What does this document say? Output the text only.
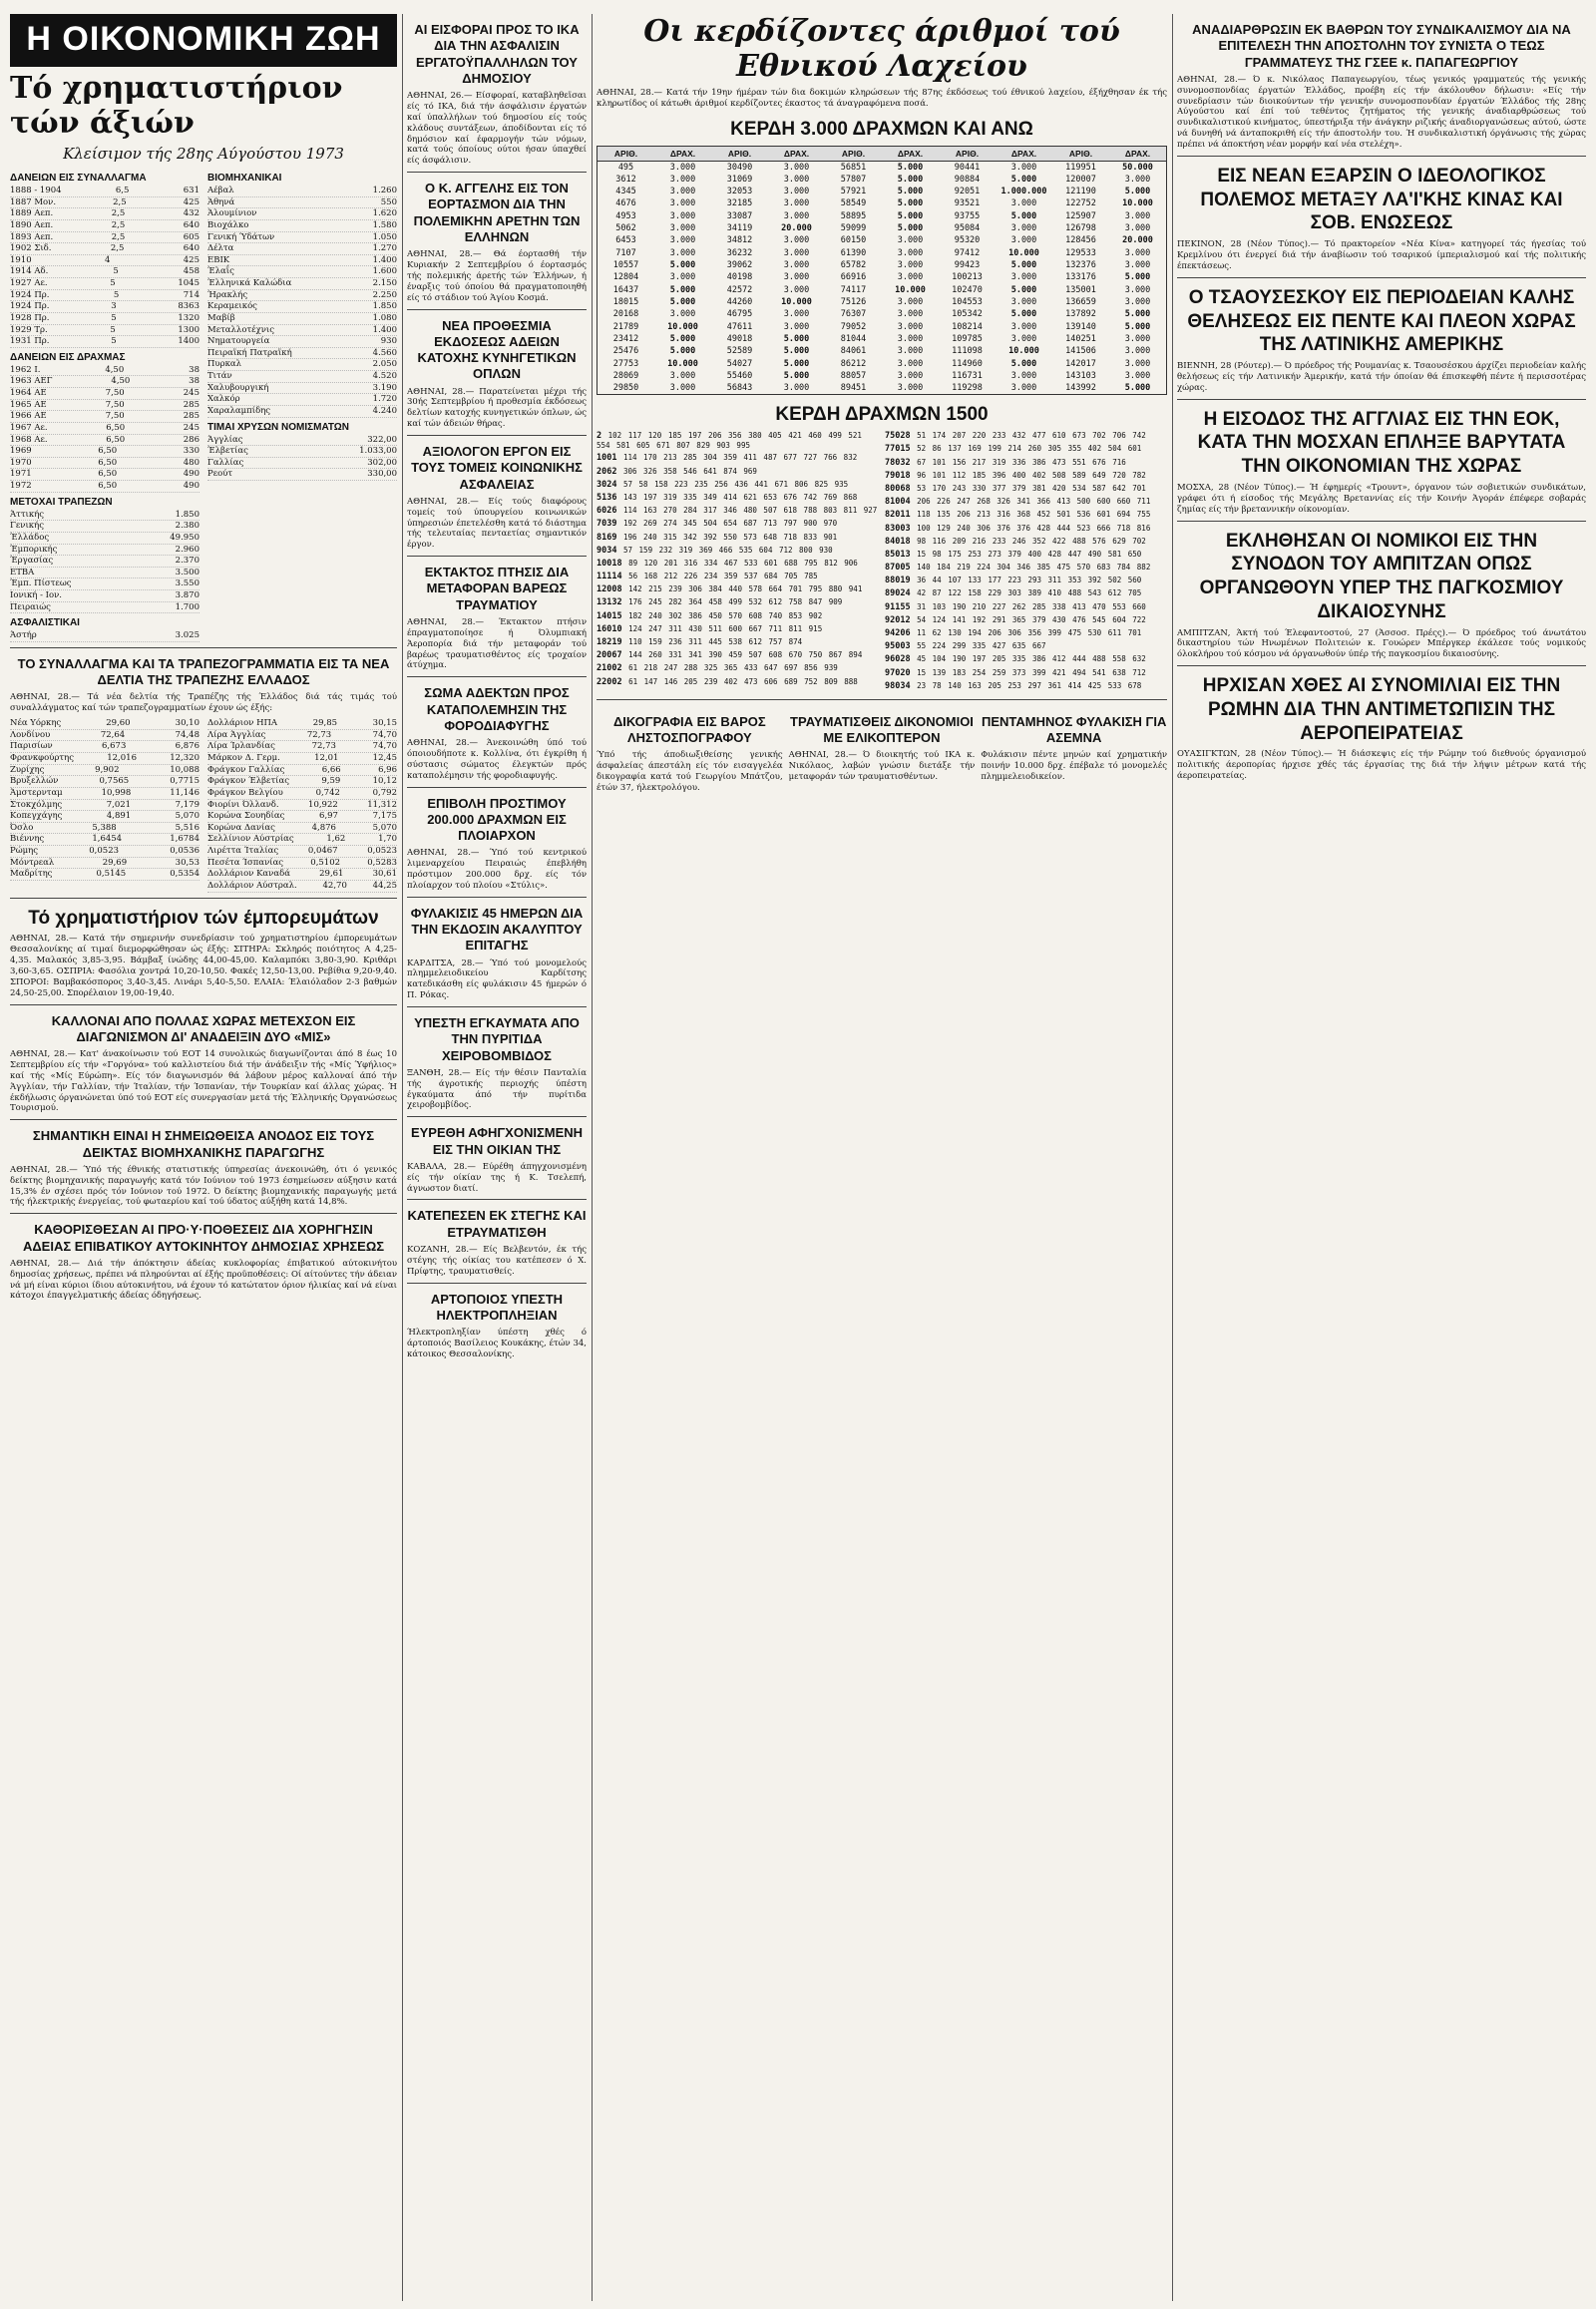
Η ΟΙΚΟΝΟΜΙΚΗ ΖΩΗ
Τό χρηματιστήριον τών άξιών
Κλείσιμον τής 28ης Αύγούστου 1973
ΔΑΝΕΙΩΝ ΕΙΣ ΣΥΝΑΛΛΑΓΜΑ
1888 - 1904	6,5	631
1887 Μον.	2,5	425
1889 Αεπ.	2,5	432
1890 Αεπ.	2,5	640
1893 Αεπ.	2,5	605
1902 Σιδ.	2,5	640
1910	4	425
1914 Αδ.	5	458
1927 Αε.	5	1045
1924 Πρ.	5	714
1924 Πρ.	3	8363
1928 Πρ.	5	1320
1929 Τρ.	5	1300
1931 Πρ.	5	1400
ΔΑΝΕΙΩΝ ΕΙΣ ΔΡΑΧΜΑΣ
1962 Ι.	4,50	38
1963 ΑΕΓ	4,50	38
1964 ΑΕ	7,50	245
1965 ΑΕ	7,50	285
1966 ΑΕ	7,50	285
1967 Αε.	6,50	245
1968 Αε.	6,50	286
1969	6,50	330
1970	6,50	480
1971	6,50	490
1972	6,50	490
ΜΕΤΟΧΑΙ ΤΡΑΠΕΖΩΝ
Άττικής	1.850
Γενικής	2.380
Έλλάδος	49.950
Έμπορικής	2.960
Έργασίας	2.370
ΕΤΒΑ	3.500
Έμπ. Πίστεως	3.550
Ιονική - Ιον.	3.870
Πειραιώς	1.700
ΑΣΦΑΛΙΣΤΙΚΑΙ
Άστήρ	3.025
ΒΙΟΜΗΧΑΝΙΚΑΙ
Αέβαλ	1.260
Άθηνά	550
Άλουμίνιον	1.620
Βιοχάλκο	1.580
Γενική Ύδάτων	1.050
Δέλτα	1.270
ΕΒΙΚ	1.400
Έλαΐς	1.600
Έλληνικά Καλώδια	2.150
Ήρακλής	2.250
Κεραμεικός	1.850
Μαβίβ	1.080
Μεταλλοτέχνις	1.400
Νηματουργεία	930
Πειραϊκή Πατραϊκή	4.560
Πυρκαλ	2.050
Τιτάν	4.520
Χαλυβουργική	3.190
Χαλκόρ	1.720
Χαραλαμπίδης	4.240
ΤΙΜΑΙ ΧΡΥΣΩΝ ΝΟΜΙΣΜΑΤΩΝ
Άγγλίας	322,00
Έλβετίας	1.033,00
Γαλλίας	302,00
Ρεούτ	330,00
ΤΟ ΣΥΝΑΛΛΑΓΜΑ ΚΑΙ ΤΑ ΤΡΑΠΕΖΟΓΡΑΜΜΑΤΙΑ ΕΙΣ ΤΑ ΝΕΑ ΔΕΛΤΙΑ ΤΗΣ ΤΡΑΠΕΖΗΣ ΕΛΛΑΔΟΣ

ΑΘΗΝΑΙ, 28.— Τά νέα δελτία τής Τραπέζης τής Έλλάδος διά τάς τιμάς τού συναλλάγματος καί τών τραπεζογραμματίων έχουν ώς έξής:

Νέα Υόρκης	29,60	30,10
Λονδίνου	72,64	74,48
Παρισίων	6,673	6,876
Φρανκφούρτης	12,016	12,320
Ζυρίχης	9,902	10,088
Βρυξελλών	0,7565	0,7715
Άμστερνταμ	10,998	11,146
Στοκχόλμης	7,021	7,179
Κοπεγχάγης	4,891	5,070
Όσλο	5,388	5,516
Βιέννης	1,6454	1,6784
Ρώμης	0,0523	0,0536
Μόντρεαλ	29,69	30,53
Μαδρίτης	0,5145	0,5354
Δολλάριον ΗΠΑ	29,85	30,15
Λίρα Άγγλίας	72,73	74,70
Λίρα Ίρλανδίας	72,73	74,70
Μάρκον Δ. Γερμ.	12,01	12,45
Φράγκον Γαλλίας	6,66	6,96
Φράγκον Έλβετίας	9,59	10,12
Φράγκον Βελγίου	0,742	0,792
Φιορίνι Όλλανδ.	10,922	11,312
Κορώνα Σουηδίας	6,97	7,175
Κορώνα Δανίας	4,876	5,070
Σελλίνιον Αύστρίας	1,62	1,70
Λιρέττα Ίταλίας	0,0467	0,0523
Πεσέτα Ίσπανίας	0,5102	0,5283
Δολλάριον Καναδά	29,61	30,61
Δολλάριον Αύστραλ.	42,70	44,25
Τό χρηματιστήριον τών έμπορευμάτων

ΑΘΗΝΑΙ, 28.— Κατά τήν σημερινήν συνεδρίασιν τού χρηματιστηρίου έμπορευμάτων Θεσσαλονίκης αί τιμαί διεμορφώθησαν ώς έξής: ΣΙΤΗΡΑ: Σκληρός ποιότητος Α 4,25-4,35. Μαλακός 3,85-3,95. Βάμβαξ ίνώδης 44,00-45,00. Καλαμπόκι 3,80-3,90. Κριθάρι 3,60-3,65. ΟΣΠΡΙΑ: Φασόλια χοντρά 10,20-10,50. Φακές 12,50-13,00. Ρεβίθια 9,20-9,40. ΣΠΟΡΟΙ: Βαμβακόσπορος 3,40-3,45. Λινάρι 5,40-5,50. ΕΛΑΙΑ: Έλαιόλαδον 2-3 βαθμών 24,50-25,00. Σπορέλαιον 19,00-19,40.

ΚΑΛΛΟΝΑΙ ΑΠΟ ΠΟΛΛΑΣ ΧΩΡΑΣ ΜΕΤΕΧΣΟΝ ΕΙΣ ΔΙΑΓΩΝΙΣΜΟΝ ΔΙ' ΑΝΑΔΕΙΞΙΝ ΔΥΟ «ΜΙΣ»

ΑΘΗΝΑΙ, 28.— Κατ' άνακοίνωσιν τού ΕΟΤ 14 συνολικώς διαγωνίζονται άπό 8 έως 10 Σεπτεμβρίου είς τήν «Γοργόνα» τού καλλιστείου διά τήν άνάδειξιν τής «Μίς Ύφήλιος» καί τής «Μίς Εύρώπη». Είς τόν διαγωνισμόν θά λάβουν μέρος καλλοναί άπό τήν Άγγλίαν, τήν Γαλλίαν, τήν Ίταλίαν, τήν Ίσπανίαν, τήν Τουρκίαν καί άλλας χώρας. Ή έκδήλωσις όργανώνεται ύπό τού ΕΟΤ είς συνεργασίαν μετά τής Έλληνικής Όργανώσεως Τουρισμού.

ΣΗΜΑΝΤΙΚΗ ΕΙΝΑΙ Η ΣΗΜΕΙΩΘΕΙΣΑ ΑΝΟΔΟΣ ΕΙΣ ΤΟΥΣ ΔΕΙΚΤΑΣ ΒΙΟΜΗΧΑΝΙΚΗΣ ΠΑΡΑΓΩΓΗΣ

ΑΘΗΝΑΙ, 28.— Ύπό τής έθνικής στατιστικής ύπηρεσίας άνεκοινώθη, ότι ό γενικός δείκτης βιομηχανικής παραγωγής κατά τόν Ιούνιον τού 1973 έσημείωσεν αύξησιν κατά 15,3% έν σχέσει πρός τόν Ιούνιον τού 1972. Ό δείκτης βιομηχανικής παραγωγής μετά τής ήλεκτρικής ένεργείας, τού φωταερίου καί τού ύδατος αύξήθη κατά 14,8%.

ΚΑΘΟΡΙΣΘΕΣΑΝ ΑΙ ΠΡΟ·Υ·ΠΟΘΕΣΕΙΣ ΔΙΑ ΧΟΡΗΓΗΣΙΝ ΑΔΕΙΑΣ ΕΠΙΒΑΤΙΚΟΥ ΑΥΤΟΚΙΝΗΤΟΥ ΔΗΜΟΣΙΑΣ ΧΡΗΣΕΩΣ

ΑΘΗΝΑΙ, 28.— Διά τήν άπόκτησιν άδείας κυκλοφορίας έπιβατικού αύτοκινήτου δημοσίας χρήσεως, πρέπει νά πληρούνται αί έξής προϋποθέσεις: Οί αίτούντες τήν άδειαν νά μή είναι κύριοι ίδιου αύτοκινήτου, νά έχουν τό κατώτατον όριον ήλικίας καί νά είναι κάτοχοι έπαγγελματικής άδείας όδηγήσεως.

ΑΙ ΕΙΣΦΟΡΑΙ ΠΡΟΣ ΤΟ ΙΚΑ ΔΙΑ ΤΗΝ ΑΣΦΑΛΙΣΙΝ ΕΡΓΑΤΟΫΠΑΛΛΗΛΩΝ ΤΟΥ ΔΗΜΟΣΙΟΥ

ΑΘΗΝΑΙ, 26.— Είσφοραί, καταβληθεϊσαι είς τό ΙΚΑ, διά τήν άσφάλισιν έργατών καί ύπαλλήλων τού δημοσίου είς τούς κλάδους συντάξεων, άποδίδονται είς τό δημόσιον καί έφαρμογήν τών νόμων, κατά τούς όποίους ούτοι ήσαν ύπαχθεί είς άσφάλισιν.

Ο Κ. ΑΓΓΕΛΗΣ ΕΙΣ ΤΟΝ ΕΟΡΤΑΣΜΟΝ ΔΙΑ ΤΗΝ ΠΟΛΕΜΙΚΗΝ ΑΡΕΤΗΝ ΤΩΝ ΕΛΛΗΝΩΝ

ΑΘΗΝΑΙ, 28.— Θά έορτασθή τήν Κυριακήν 2 Σεπτεμβρίου ό έορτασμός τής πολεμικής άρετής τών Έλλήνων, ή έναρξις τού όποίου θά πραγματοποιηθή είς τό στάδιον τού Άγίου Κοσμά.

ΝΕΑ ΠΡΟΘΕΣΜΙΑ ΕΚΔΟΣΕΩΣ ΑΔΕΙΩΝ ΚΑΤΟΧΗΣ ΚΥΝΗΓΕΤΙΚΩΝ ΟΠΛΩΝ

ΑΘΗΝΑΙ, 28.— Παρατείνεται μέχρι τής 30ής Σεπτεμβρίου ή προθεσμία έκδόσεως δελτίων κατοχής κυνηγετικών όπλων, ώς καί τών άδειών θήρας.

ΑΞΙΟΛΟΓΟΝ ΕΡΓΟΝ ΕΙΣ ΤΟΥΣ ΤΟΜΕΙΣ ΚΟΙΝΩΝΙΚΗΣ ΑΣΦΑΛΕΙΑΣ

ΑΘΗΝΑΙ, 28.— Είς τούς διαφόρους τομείς τού ύπουργείου κοινωνικών ύπηρεσιών έπετελέσθη κατά τό διάστημα τής τελευταίας πενταετίας σημαντικόν έργον.

ΕΚΤΑΚΤΟΣ ΠΤΗΣΙΣ ΔΙΑ ΜΕΤΑΦΟΡΑΝ ΒΑΡΕΩΣ ΤΡΑΥΜΑΤΙΟΥ

ΑΘΗΝΑΙ, 28.— Έκτακτον πτήσιν έπραγματοποίησε ή Όλυμπιακή Άεροπορία διά τήν μεταφοράν τού βαρέως τραυματισθέντος είς τροχαίον άτύχημα.

ΣΩΜΑ ΑΔΕΚΤΩΝ ΠΡΟΣ ΚΑΤΑΠΟΛΕΜΗΣΙΝ ΤΗΣ ΦΟΡΟΔΙΑΦΥΓΗΣ

ΑΘΗΝΑΙ, 28.— Άνεκοινώθη ύπό τού όποιουδήποτε κ. Κολλίνα, ότι έγκρίθη ή σύστασις σώματος έλεγκτών πρός καταπολέμησιν τής φοροδιαφυγής.

ΕΠΙΒΟΛΗ ΠΡΟΣΤΙΜΟΥ 200.000 ΔΡΑΧΜΩΝ ΕΙΣ ΠΛΟΙΑΡΧΟΝ

ΑΘΗΝΑΙ, 28.— Ύπό τού κεντρικού λιμεναρχείου Πειραιώς έπεβλήθη πρόστιμον 200.000 δρχ. είς τόν πλοίαρχον τού πλοίου «Στύλις».

ΦΥΛΑΚΙΣΙΣ 45 ΗΜΕΡΩΝ ΔΙΑ ΤΗΝ ΕΚΔΟΣΙΝ ΑΚΑΛΥΠΤΟΥ ΕΠΙΤΑΓΗΣ

ΚΑΡΔΙΤΣΑ, 28.— Ύπό τού μονομελούς πλημμελειοδικείου Καρδίτσης κατεδικάσθη είς φυλάκισιν 45 ήμερών ό Π. Ρόκας.

ΥΠΕΣΤΗ ΕΓΚΑΥΜΑΤΑ ΑΠΟ ΤΗΝ ΠΥΡΙΤΙΔΑ ΧΕΙΡΟΒΟΜΒΙΔΟΣ

ΞΑΝΘΗ, 28.— Είς τήν θέσιν Πανταλία τής άγροτικής περιοχής ύπέστη έγκαύματα άπό τήν πυρίτιδα χειροβομβίδος.

ΕΥΡΕΘΗ ΑΦΗΓΧΟΝΙΣΜΕΝΗ ΕΙΣ ΤΗΝ ΟΙΚΙΑΝ ΤΗΣ

ΚΑΒΑΛΑ, 28.— Εύρέθη άπηγχονισμένη είς τήν οίκίαν της ή Κ. Τσελεπή, άγνωστον διατί.

ΚΑΤΕΠΕΣΕΝ ΕΚ ΣΤΕΓΗΣ ΚΑΙ ΕΤΡΑΥΜΑΤΙΣΘΗ

ΚΟΖΑΝΗ, 28.— Είς Βελβεντόν, έκ τής στέγης τής οίκίας του κατέπεσεν ό Χ. Πρίφτης, τραυματισθείς.

ΑΡΤΟΠΟΙΟΣ ΥΠΕΣΤΗ ΗΛΕΚΤΡΟΠΛΗΞΙΑΝ

Ήλεκτροπληξίαν ύπέστη χθές ό άρτοποιός Βασίλειος Κουκάκης, έτών 34, κάτοικος Θεσσαλονίκης.

Οι κερδίζοντες άριθμοί τού Εθνικού Λαχείου

ΑΘΗΝΑΙ, 28.— Κατά τήν 19ην ήμέραν τών δια δοκιμών κληρώσεων τής 87ης έκδόσεως τού έθνικού λαχείου, έξήχθησαν έκ τής κληρωτίδος οί κάτωθι άριθμοί κερδίζοντες έκαστος τά άναγραφόμενα ποσά.

ΚΕΡΔΗ 3.000 ΔΡΑΧΜΩΝ ΚΑΙ ΑΝΩ
ΑΡΙΘ.	ΔΡΑΧ.	ΑΡΙΘ.	ΔΡΑΧ.	ΑΡΙΘ.	ΔΡΑΧ.	ΑΡΙΘ.	ΔΡΑΧ.	ΑΡΙΘ.	ΔΡΑΧ.
495	3.000	30490	3.000	56851	5.000	90441	3.000	119951	50.000
3612	3.000	31069	3.000	57807	5.000	90884	5.000	120007	3.000
4345	3.000	32053	3.000	57921	5.000	92051	1.000.000	121190	5.000
4676	3.000	32185	3.000	58549	5.000	93521	3.000	122752	10.000
4953	3.000	33087	3.000	58895	5.000	93755	5.000	125907	3.000
5062	3.000	34119	20.000	59099	5.000	95084	3.000	126798	3.000
6453	3.000	34812	3.000	60150	3.000	95320	3.000	128456	20.000
7107	3.000	36232	3.000	61390	3.000	97412	10.000	129533	3.000
10557	5.000	39062	3.000	65782	3.000	99423	5.000	132376	3.000
12804	3.000	40198	3.000	66916	3.000	100213	3.000	133176	5.000
16437	5.000	42572	3.000	74117	10.000	102470	5.000	135001	3.000
18015	5.000	44260	10.000	75126	3.000	104553	3.000	136659	3.000
20168	3.000	46795	3.000	76307	3.000	105342	5.000	137892	5.000
21789	10.000	47611	3.000	79052	3.000	108214	3.000	139140	5.000
23412	5.000	49018	5.000	81044	3.000	109785	3.000	140251	3.000
25476	5.000	52589	5.000	84061	3.000	111098	10.000	141506	3.000
27753	10.000	54027	5.000	86212	3.000	114960	5.000	142017	3.000
28069	3.000	55460	5.000	88057	3.000	116731	3.000	143103	3.000
29850	3.000	56843	3.000	89451	3.000	119298	3.000	143992	5.000
ΚΕΡΔΗ ΔΡΑΧΜΩΝ 1500
2 102 117 120 185 197 206 356 380 405 421 460 499 521 554 581 605 671 807 829 903 995
1001 114 170 213 285 304 359 411 487 677 727 766 832
2062 306 326 358 546 641 874 969
3024 57 58 158 223 235 256 436 441 671 806 825 935
5136 143 197 319 335 349 414 621 653 676 742 769 868
6026 114 163 270 284 317 346 480 507 618 788 803 811 927
7039 192 269 274 345 504 654 687 713 797 900 970
8169 196 240 315 342 392 550 573 648 718 833 901
9034 57 159 232 319 369 466 535 604 712 800 930
10018 89 120 201 316 334 467 533 601 688 795 812 906
11114 56 168 212 226 234 359 537 684 705 785
12008 142 215 239 306 384 440 578 664 701 795 880 941
13132 176 245 282 364 458 499 532 612 758 847 909
14015 182 240 302 386 450 570 608 740 853 902
16010 124 247 311 430 511 600 667 711 811 915
18219 110 159 236 311 445 538 612 757 874
20067 144 260 331 341 390 459 507 608 670 750 867 894
21002 61 218 247 288 325 365 433 647 697 856 939
22002 61 147 146 205 239 402 473 606 689 752 809 888
75028 51 174 207 220 233 432 477 610 673 702 706 742
77015 52 86 137 169 199 214 260 305 355 402 504 601
78032 67 101 156 217 319 336 386 473 551 676 716
79018 96 101 112 185 396 400 402 508 589 649 720 782
80068 53 170 243 330 377 379 381 420 534 587 642 701
81004 206 226 247 268 326 341 366 413 500 600 660 711
82011 118 135 206 213 316 368 452 501 536 601 694 755
83003 100 129 240 306 376 376 428 444 523 666 718 816
84018 98 116 209 216 233 246 352 422 488 576 629 702
85013 15 98 175 253 273 379 400 428 447 490 581 650
87005 140 184 219 224 304 346 385 475 570 683 784 882
88019 36 44 107 133 177 223 293 311 353 392 502 560
89024 42 87 122 158 229 303 389 410 488 543 612 705
91155 31 103 190 210 227 262 285 338 413 470 553 660
92012 54 124 141 192 291 365 379 430 476 545 604 722
94206 11 62 130 194 206 306 356 399 475 530 611 701
95003 55 224 299 335 427 635 667
96028 45 104 190 197 205 335 386 412 444 488 558 632
97020 15 139 183 254 259 373 399 421 494 541 638 712
98034 23 78 140 163 205 253 297 361 414 425 533 678
ΔΙΚΟΓΡΑΦΙΑ ΕΙΣ ΒΑΡΟΣ ΛΗΣΤΟΣΠΟΓΡΑΦΟΥ

Ύπό τής άποδιωξιθείσης γενικής άσφαλείας άπεστάλη είς τόν εισαγγελέα δικογραφία κατά τού Γεωργίου Μπάτζου, έτών 37, ήλεκτρολόγου.

ΤΡΑΥΜΑΤΙΣΘΕΙΣ ΔΙΚΟΝΟΜΙΟΙ ΜΕ ΕΛΙΚΟΠΤΕΡΟΝ

ΑΘΗΝΑΙ, 28.— Ό διοικητής τού ΙΚΑ κ. Νικόλαος, λαβών γνώσιν διετάξε τήν μεταφοράν τών τραυματισθέντων.

ΠΕΝΤΑΜΗΝΟΣ ΦΥΛΑΚΙΣΗ ΓΙΑ ΑΣΕΜΝΑ

Φυλάκισιν πέντε μηνών καί χρηματικήν ποινήν 10.000 δρχ. έπέβαλε τό μονομελές πλημμελειοδικείον.

ΑΝΑΔΙΑΡΘΡΩΣΙΝ ΕΚ ΒΑΘΡΩΝ ΤΟΥ ΣΥΝΔΙΚΑΛΙΣΜΟΥ ΔΙΑ ΝΑ ΕΠΙΤΕΛΕΣΗ ΤΗΝ ΑΠΟΣΤΟΛΗΝ ΤΟΥ ΣΥΝΙΣΤΑ Ο ΤΕΩΣ ΓΡΑΜΜΑΤΕΥΣ ΤΗΣ ΓΣΕΕ κ. ΠΑΠΑΓΕΩΡΓΙΟΥ

ΑΘΗΝΑΙ, 28.— Ό κ. Νικόλαος Παπαγεωργίου, τέως γενικός γραμματεύς τής γενικής συνομοσπονδίας έργατών Έλλάδος, προέβη είς τήν άκόλουθον δήλωσιν: «Είς τήν συνεδρίασιν τών διοικούντων τήν γενικήν συνομοσπονδίαν έργατών Έλλάδος τής 28ης Αύγούστου καί έπί τού τεθέντος ζητήματος τής γενικής άναδιαρθρώσεως τού συνδικαλιστικού κινήματος, ύπεστήριξα τήν άνάγκην ριζικής άναδιοργανώσεως αύτού, ώστε νά δυνηθή νά άνταποκριθή είς τήν άποστολήν του. Ή συνδικαλιστική όργάνωσις τής χώρας πρέπει νά άποκτήση νέαν μορφήν καί νέα στελέχη».

ΕΙΣ ΝΕΑΝ ΕΞΑΡΣΙΝ Ο ΙΔΕΟΛΟΓΙΚΟΣ ΠΟΛΕΜΟΣ ΜΕΤΑΞΥ ΛΑ'Ι'ΚΗΣ ΚΙΝΑΣ ΚΑΙ ΣΟΒ. ΕΝΩΣΕΩΣ

ΠΕΚΙΝΟΝ, 28 (Νέον Τύπος).— Τό πρακτορείον «Νέα Κίνα» κατηγορεί τάς ήγεσίας τού Κρεμλίνου ότι ένεργεί διά τήν άναβίωσιν τού τσαρικού ίμπεριαλισμού καί τής πολιτικής έπεκτάσεως.

Ο ΤΣΑΟΥΣΕΣΚΟΥ ΕΙΣ ΠΕΡΙΟΔΕΙΑΝ ΚΑΛΗΣ ΘΕΛΗΣΕΩΣ ΕΙΣ ΠΕΝΤΕ ΚΑΙ ΠΛΕΟΝ ΧΩΡΑΣ ΤΗΣ ΛΑΤΙΝΙΚΗΣ ΑΜΕΡΙΚΗΣ

ΒΙΕΝΝΗ, 28 (Ρόυτερ).— Ό πρόεδρος τής Ρουμανίας κ. Τσαουσέσκου άρχίζει περιοδείαν καλής θελήσεως είς τήν Λατινικήν Άμερικήν, κατά τήν όποίαν θά έπισκεφθή πέντε ή περισσοτέρας χώρας.

Η ΕΙΣΟΔΟΣ ΤΗΣ ΑΓΓΛΙΑΣ ΕΙΣ ΤΗΝ ΕΟΚ, ΚΑΤΑ ΤΗΝ ΜΟΣΧΑΝ ΕΠΛΗΞΕ ΒΑΡΥΤΑΤΑ ΤΗΝ ΟΙΚΟΝΟΜΙΑΝ ΤΗΣ ΧΩΡΑΣ

ΜΟΣΧΑ, 28 (Νέον Τύπος).— Ή έφημερίς «Τρουντ», όργανον τών σοβιετικών συνδικάτων, γράφει ότι ή είσοδος τής Μεγάλης Βρεταννίας είς τήν Κοινήν Άγοράν έπέφερε σοβαράς ζημίας είς τήν βρεταννικήν οίκονομίαν.

ΕΚΛΗΘΗΣΑΝ ΟΙ ΝΟΜΙΚΟΙ ΕΙΣ ΤΗΝ ΣΥΝΟΔΟΝ ΤΟΥ ΑΜΠΙΤΖΑΝ ΟΠΩΣ ΟΡΓΑΝΩΘΟΥΝ ΥΠΕΡ ΤΗΣ ΠΑΓΚΟΣΜΙΟΥ ΔΙΚΑΙΟΣΥΝΗΣ

ΑΜΠΙΤΖΑΝ, Άκτή τού Έλεφαντοστού, 27 (Άσσοσ. Πρέςς).— Ό πρόεδρος τού άνωτάτου δικαστηρίου τών Ηνωμένων Πολιτειών κ. Γουώρεν Μπέργκερ έκάλεσε τούς νομικούς όλοκλήρου τού κόσμου νά όργανωθούν ύπέρ τής παγκοσμίου δικαιοσύνης.

ΗΡΧΙΣΑΝ ΧΘΕΣ ΑΙ ΣΥΝΟΜΙΛΙΑΙ ΕΙΣ ΤΗΝ ΡΩΜΗΝ ΔΙΑ ΤΗΝ ΑΝΤΙΜΕΤΩΠΙΣΙΝ ΤΗΣ ΑΕΡΟΠΕΙΡΑΤΕΙΑΣ

ΟΥΑΣΙΓΚΤΩΝ, 28 (Νέον Τύπος).— Ή διάσκεψις είς τήν Ρώμην τού διεθνούς όργανισμού πολιτικής άεροπορίας ήρχισε χθές τάς έργασίας της διά τήν λήψιν μέτρων κατά τής άεροπειρατείας.
